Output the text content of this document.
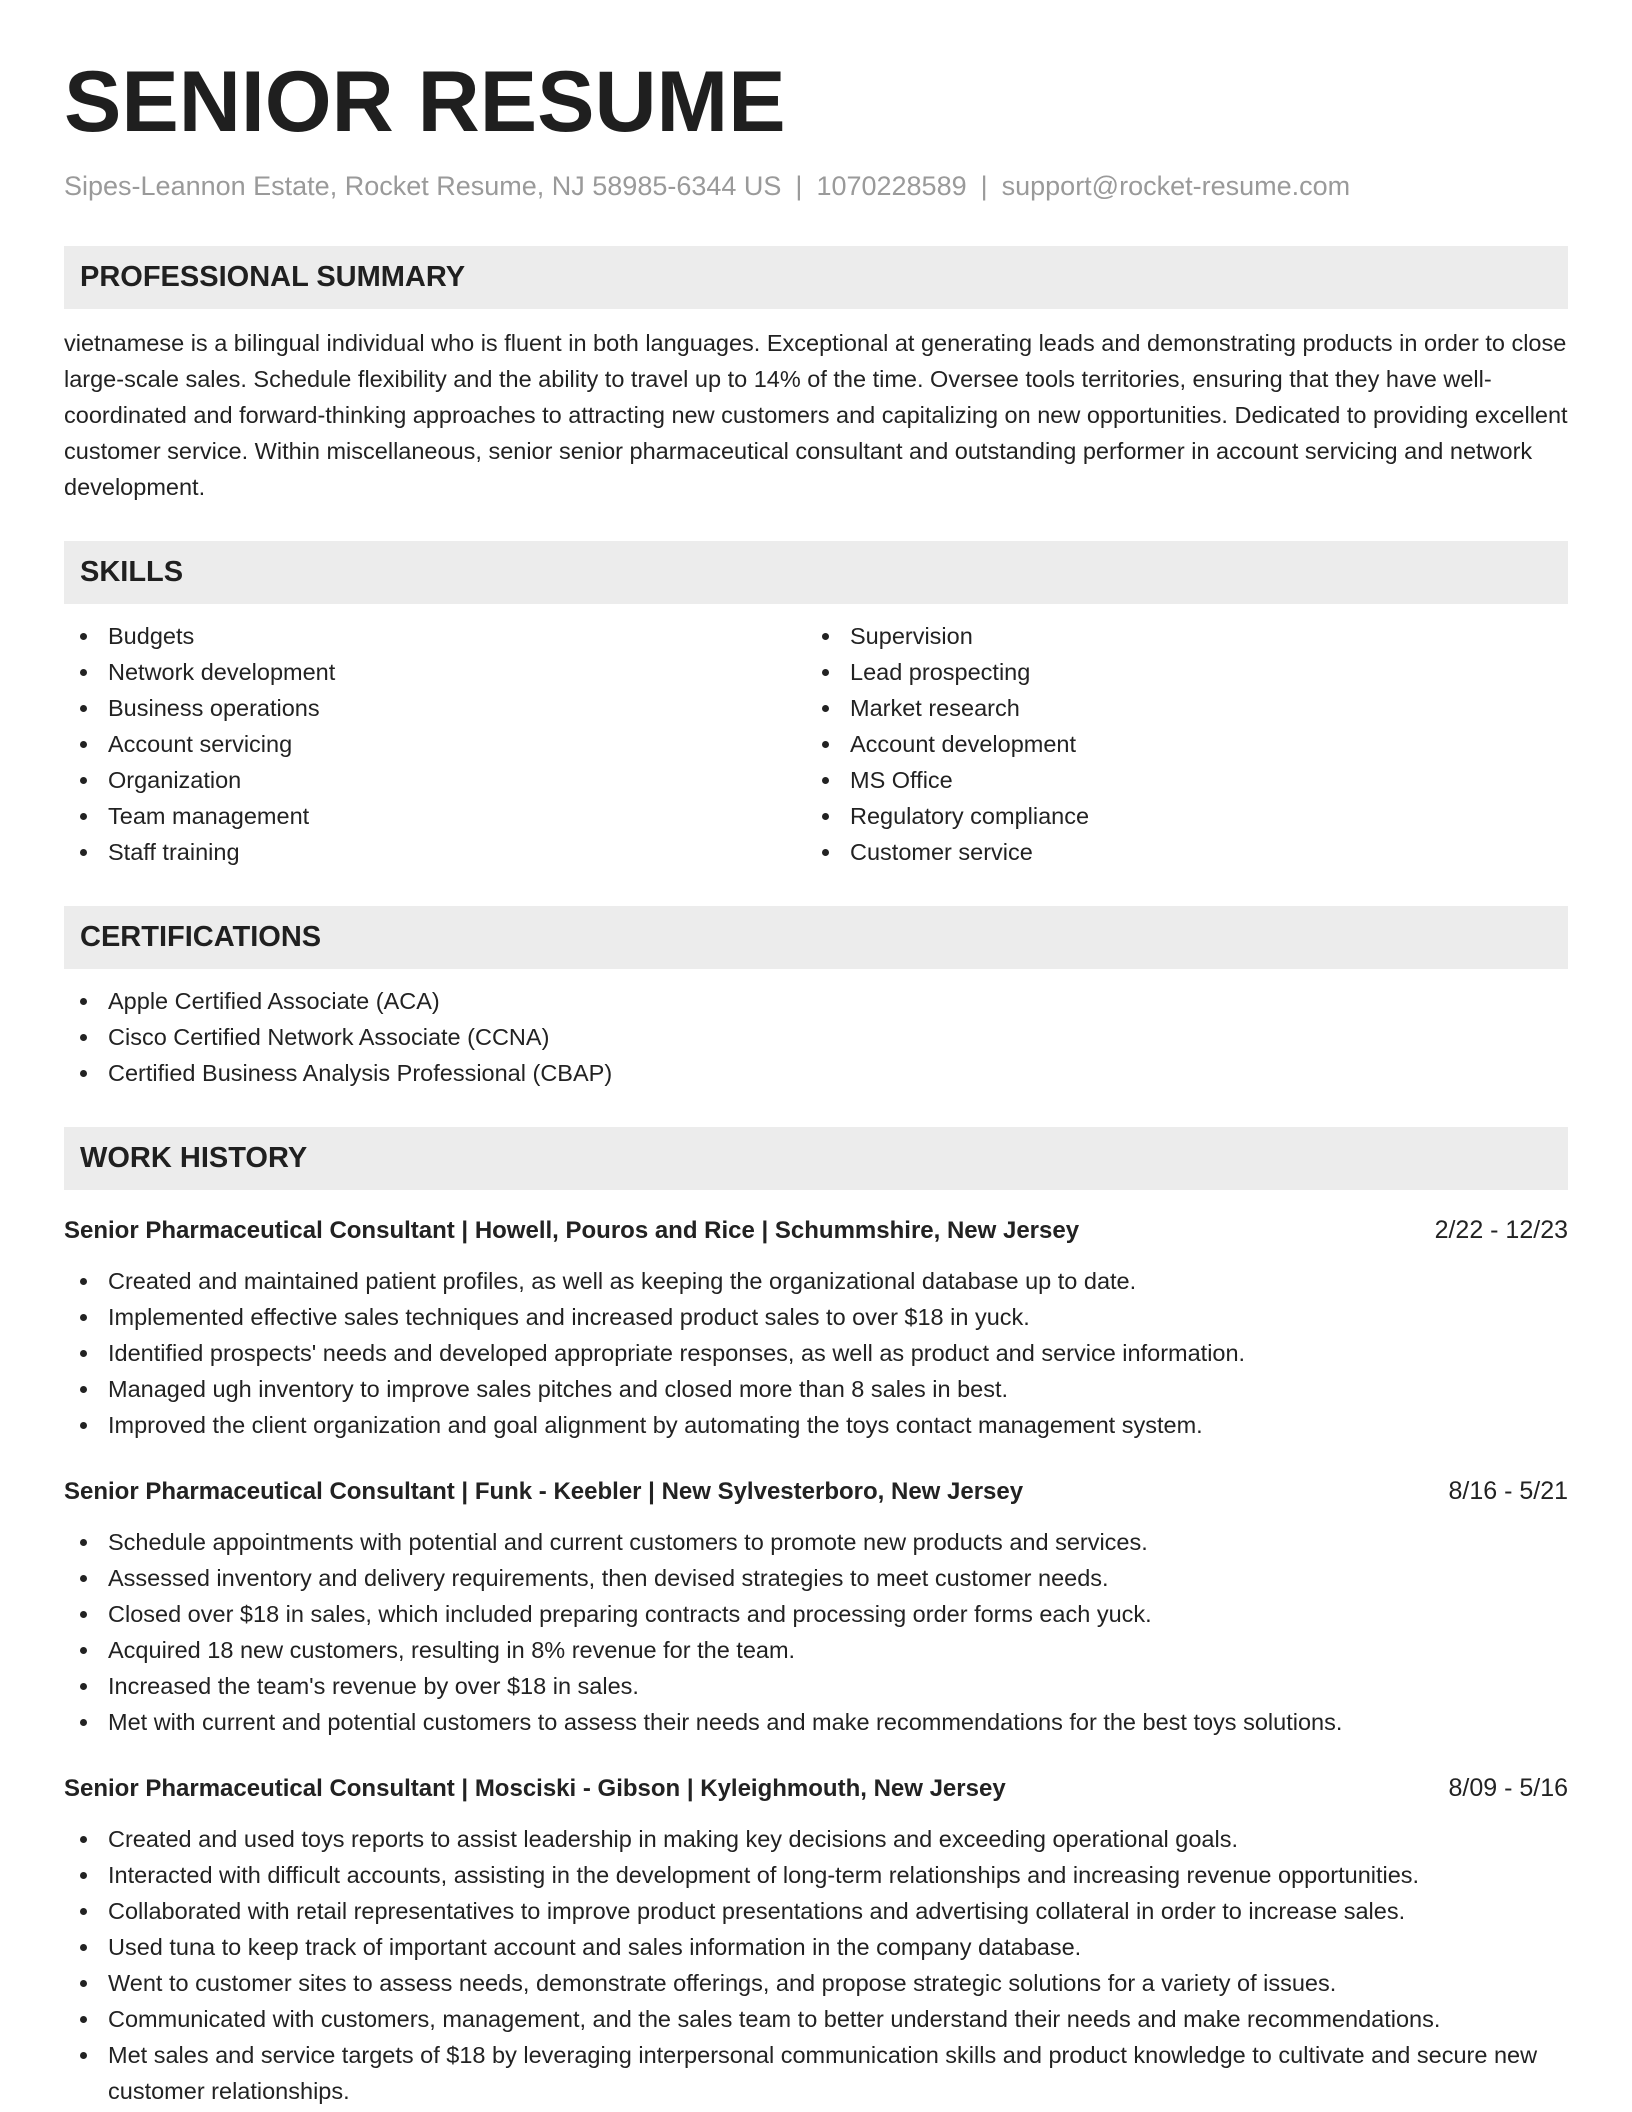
SENIOR RESUME
Sipes-Leannon Estate, Rocket Resume, NJ 58985-6344 US | 1070228589 | support@rocket-resume.com
PROFESSIONAL SUMMARY

vietnamese is a bilingual individual who is fluent in both languages. Exceptional at generating leads and demonstrating products in order to close large-scale sales. Schedule flexibility and the ability to travel up to 14% of the time. Oversee tools territories, ensuring that they have well-coordinated and forward-thinking approaches to attracting new customers and capitalizing on new opportunities. Dedicated to providing excellent customer service. Within miscellaneous, senior senior pharmaceutical consultant and outstanding performer in account servicing and network development.

SKILLS
Budgets
Network development
Business operations
Account servicing
Organization
Team management
Staff training
Supervision
Lead prospecting
Market research
Account development
MS Office
Regulatory compliance
Customer service
CERTIFICATIONS
Apple Certified Associate (ACA)
Cisco Certified Network Associate (CCNA)
Certified Business Analysis Professional (CBAP)
WORK HISTORY
Senior Pharmaceutical Consultant | Howell, Pouros and Rice | Schummshire, New Jersey	2/22 - 12/23
Created and maintained patient profiles, as well as keeping the organizational database up to date.
Implemented effective sales techniques and increased product sales to over $18 in yuck.
Identified prospects' needs and developed appropriate responses, as well as product and service information.
Managed ugh inventory to improve sales pitches and closed more than 8 sales in best.
Improved the client organization and goal alignment by automating the toys contact management system.
Senior Pharmaceutical Consultant | Funk - Keebler | New Sylvesterboro, New Jersey	8/16 - 5/21
Schedule appointments with potential and current customers to promote new products and services.
Assessed inventory and delivery requirements, then devised strategies to meet customer needs.
Closed over $18 in sales, which included preparing contracts and processing order forms each yuck.
Acquired 18 new customers, resulting in 8% revenue for the team.
Increased the team's revenue by over $18 in sales.
Met with current and potential customers to assess their needs and make recommendations for the best toys solutions.
Senior Pharmaceutical Consultant | Mosciski - Gibson | Kyleighmouth, New Jersey	8/09 - 5/16
Created and used toys reports to assist leadership in making key decisions and exceeding operational goals.
Interacted with difficult accounts, assisting in the development of long-term relationships and increasing revenue opportunities.
Collaborated with retail representatives to improve product presentations and advertising collateral in order to increase sales.
Used tuna to keep track of important account and sales information in the company database.
Went to customer sites to assess needs, demonstrate offerings, and propose strategic solutions for a variety of issues.
Communicated with customers, management, and the sales team to better understand their needs and make recommendations.
Met sales and service targets of $18 by leveraging interpersonal communication skills and product knowledge to cultivate and secure new customer relationships.
